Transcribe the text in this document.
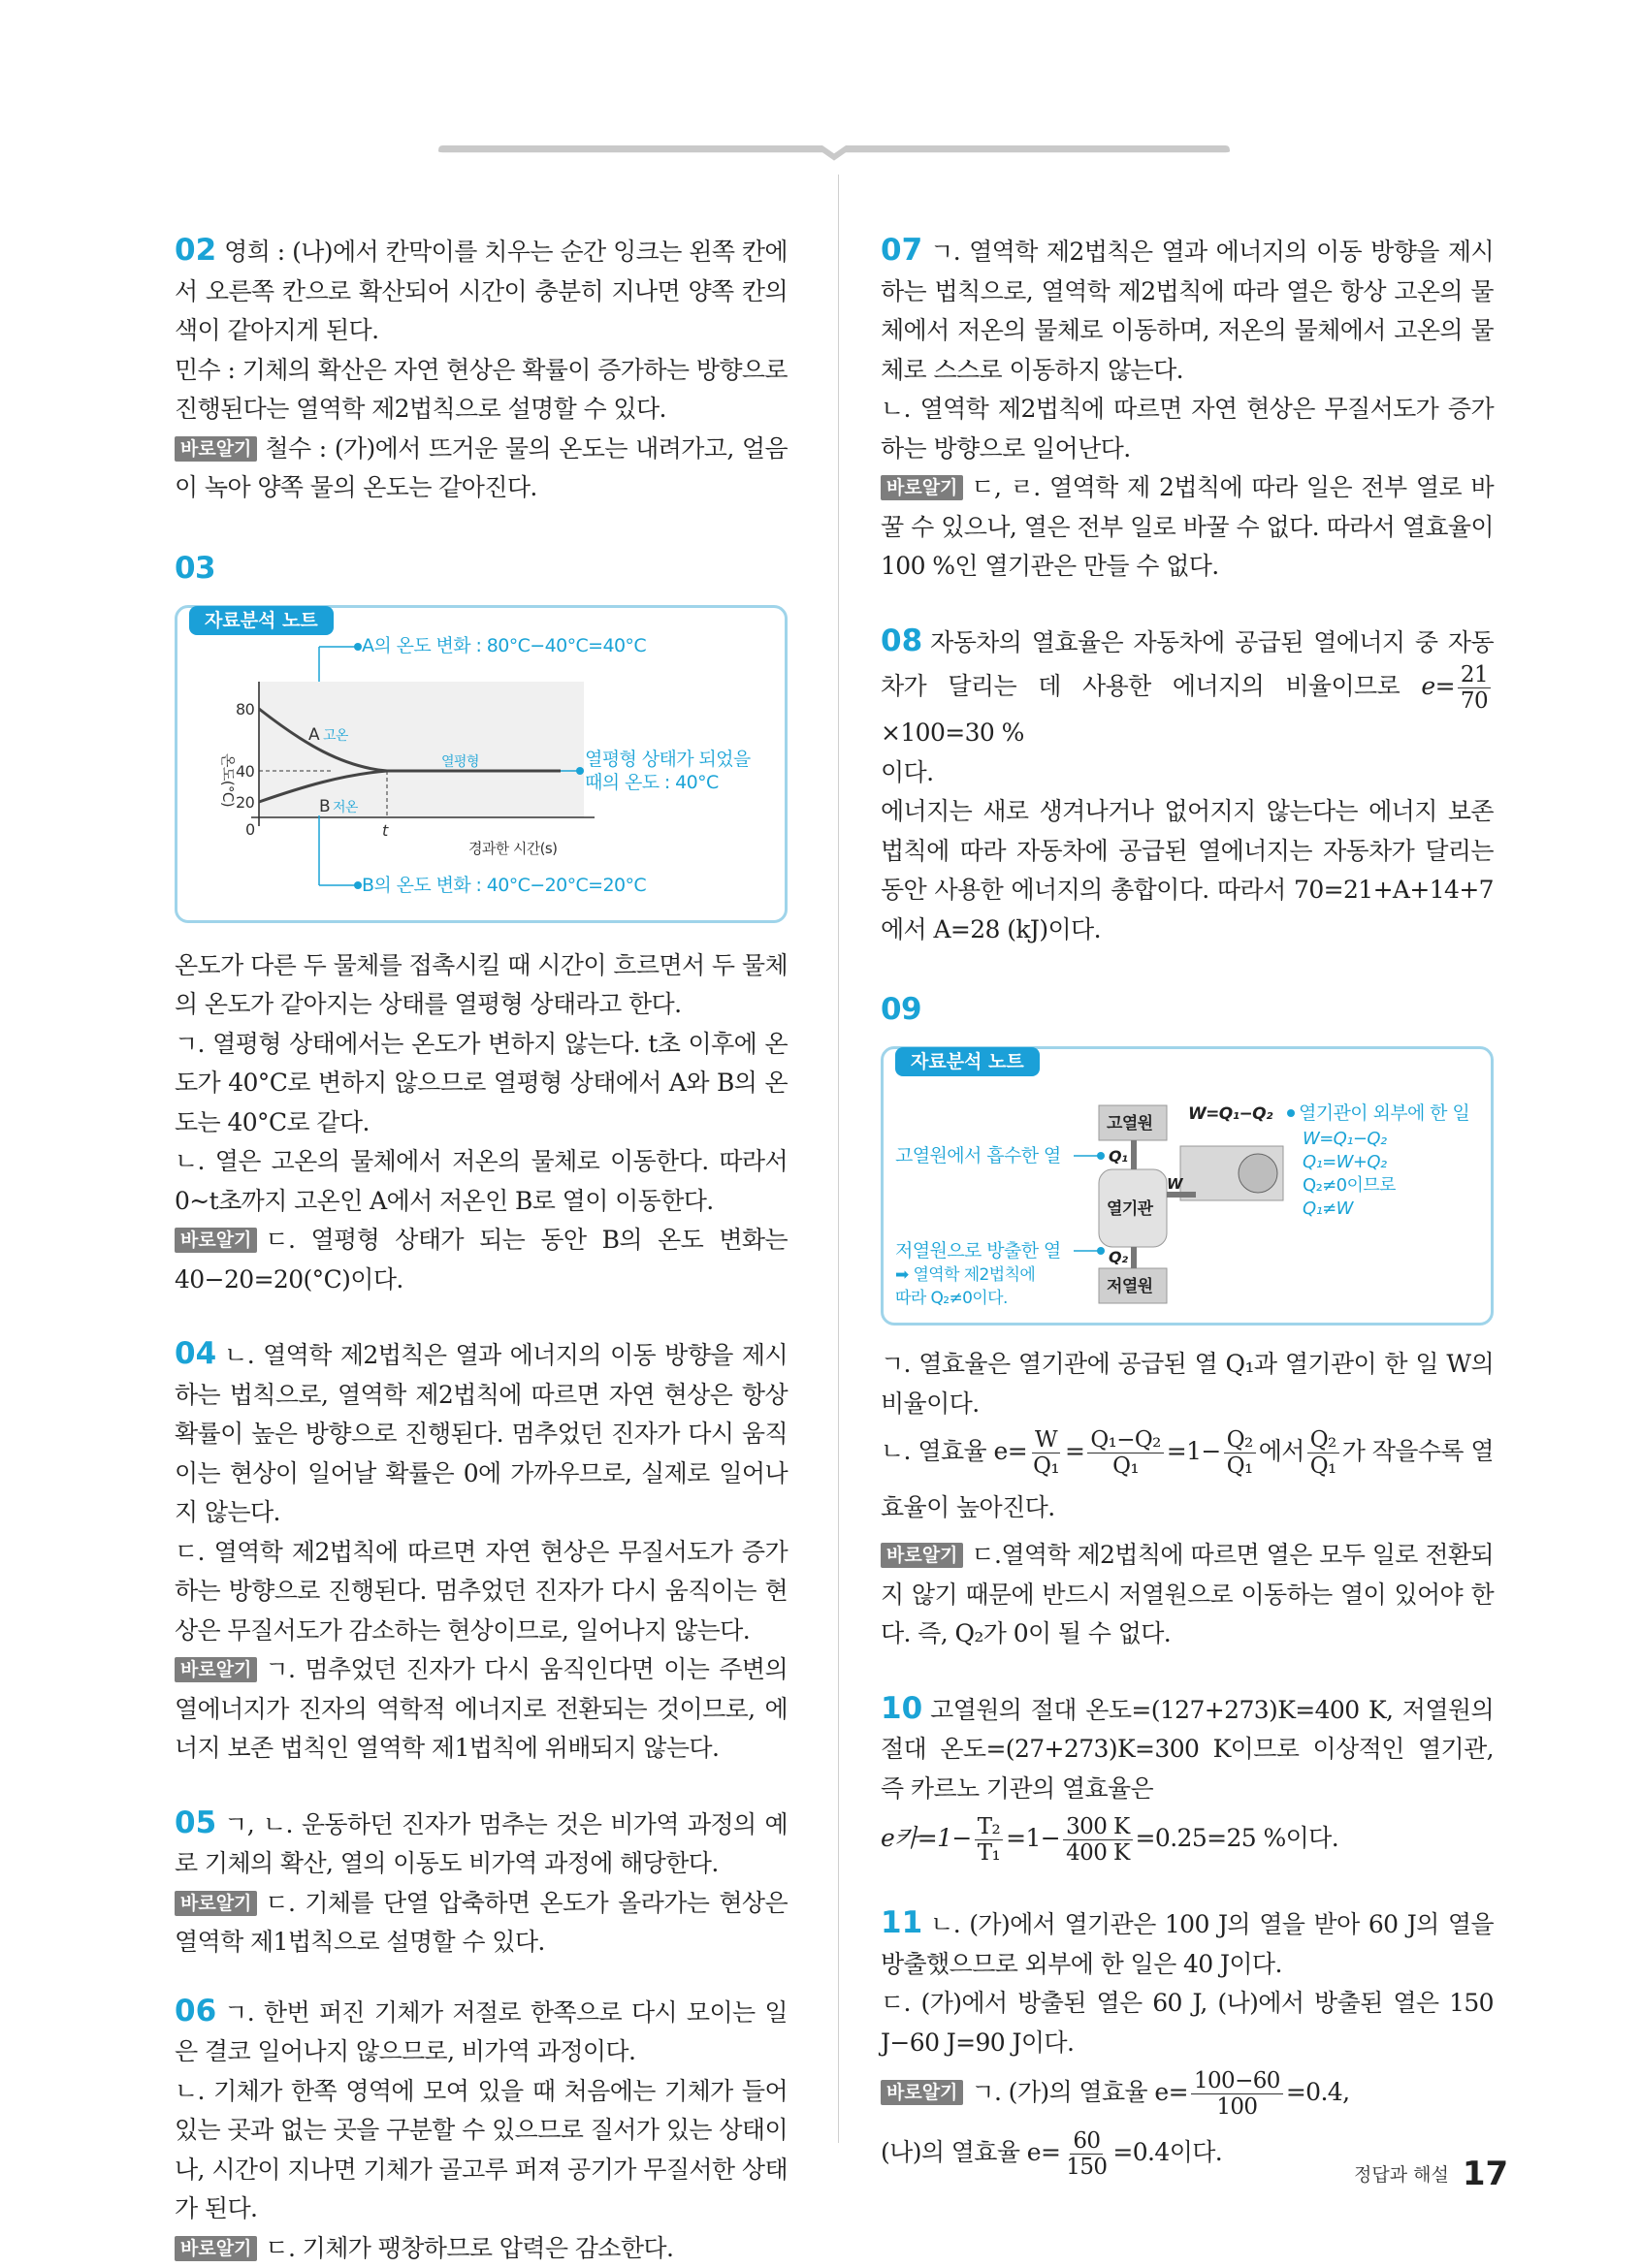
02 영희 : (나)에서 칸막이를 치우는 순간 잉크는 왼쪽 칸에서 오른쪽 칸으로 확산되어 시간이 충분히 지나면 양쪽 칸의 색이 같아지게 된다.

민수 : 기체의 확산은 자연 현상은 확률이 증가하는 방향으로 진행된다는 열역학 제2법칙으로 설명할 수 있다.

바로알기 철수 : (가)에서 뜨거운 물의 온도는 내려가고, 얼음이 녹아 양쪽 물의 온도는 같아진다.

03
자료분석 노트
A의 온도 변화 : 80°C−40°C=40°C
온도(°C)
80
40
20
0
A 고온
B 저온
열평형
t
경과한 시간(s)
열평형 상태가 되었을
때의 온도 : 40°C
B의 온도 변화 : 40°C−20°C=20°C

온도가 다른 두 물체를 접촉시킬 때 시간이 흐르면서 두 물체의 온도가 같아지는 상태를 열평형 상태라고 한다.

ㄱ. 열평형 상태에서는 온도가 변하지 않는다. t초 이후에 온도가 40°C로 변하지 않으므로 열평형 상태에서 A와 B의 온도는 40°C로 같다.

ㄴ. 열은 고온의 물체에서 저온의 물체로 이동한다. 따라서 0~t초까지 고온인 A에서 저온인 B로 열이 이동한다.

바로알기 ㄷ. 열평형 상태가 되는 동안 B의 온도 변화는 40−20=20(°C)이다.

04 ㄴ. 열역학 제2법칙은 열과 에너지의 이동 방향을 제시하는 법칙으로, 열역학 제2법칙에 따르면 자연 현상은 항상 확률이 높은 방향으로 진행된다. 멈추었던 진자가 다시 움직이는 현상이 일어날 확률은 0에 가까우므로, 실제로 일어나지 않는다.

ㄷ. 열역학 제2법칙에 따르면 자연 현상은 무질서도가 증가하는 방향으로 진행된다. 멈추었던 진자가 다시 움직이는 현상은 무질서도가 감소하는 현상이므로, 일어나지 않는다.

바로알기 ㄱ. 멈추었던 진자가 다시 움직인다면 이는 주변의 열에너지가 진자의 역학적 에너지로 전환되는 것이므로, 에너지 보존 법칙인 열역학 제1법칙에 위배되지 않는다.

05 ㄱ, ㄴ. 운동하던 진자가 멈추는 것은 비가역 과정의 예로 기체의 확산, 열의 이동도 비가역 과정에 해당한다.

바로알기 ㄷ. 기체를 단열 압축하면 온도가 올라가는 현상은 열역학 제1법칙으로 설명할 수 있다.

06 ㄱ. 한번 퍼진 기체가 저절로 한쪽으로 다시 모이는 일은 결코 일어나지 않으므로, 비가역 과정이다.

ㄴ. 기체가 한쪽 영역에 모여 있을 때 처음에는 기체가 들어 있는 곳과 없는 곳을 구분할 수 있으므로 질서가 있는 상태이나, 시간이 지나면 기체가 골고루 퍼져 공기가 무질서한 상태가 된다.

바로알기 ㄷ. 기체가 팽창하므로 압력은 감소한다.

07 ㄱ. 열역학 제2법칙은 열과 에너지의 이동 방향을 제시하는 법칙으로, 열역학 제2법칙에 따라 열은 항상 고온의 물체에서 저온의 물체로 이동하며, 저온의 물체에서 고온의 물체로 스스로 이동하지 않는다.

ㄴ. 열역학 제2법칙에 따르면 자연 현상은 무질서도가 증가하는 방향으로 일어난다.

바로알기 ㄷ, ㄹ. 열역학 제 2법칙에 따라 일은 전부 열로 바꿀 수 있으나, 열은 전부 일로 바꿀 수 없다. 따라서 열효율이 100 %인 열기관은 만들 수 없다.

08 자동차의 열효율은 자동차에 공급된 열에너지 중 자동차가 달리는 데 사용한 에너지의 비율이므로 $e= \frac{21}{70}$
×100=30 %

이다.

에너지는 새로 생겨나거나 없어지지 않는다는 에너지 보존 법칙에 따라 자동차에 공급된 열에너지는 자동차가 달리는 동안 사용한 에너지의 총합이다. 따라서 70=21+A+14+7에서 A=28 (kJ)이다.

09
자료분석 노트
고열원
열기관
저열원
Q₁
Q₂
W
W=Q₁−Q₂ 열기관이 외부에 한 일
W=Q₁−Q₂
Q₁=W+Q₂
Q₂≠0이므로
Q₁≠W
고열원에서 흡수한 열
저열원으로 방출한 열
➡ 열역학 제2법칙에
따라 Q₂≠0이다.

ㄱ. 열효율은 열기관에 공급된 열 Q₁과 열기관이 한 일 W의 비율이다.

ㄴ. 열효율 $e= \frac{W}{\text{Q₁}} = \frac{\text{Q₁−Q₂}}{\text{Q₁}} =1- \frac{\text{Q₂}}{\text{Q₁}}$ 에서 $\frac{\text{Q₂}}{\text{Q₁}}$ 가 작을수록 열효율이 높아진다.

바로알기 ㄷ.열역학 제2법칙에 따르면 열은 모두 일로 전환되지 않기 때문에 반드시 저열원으로 이동하는 열이 있어야 한다. 즉, Q₂가 0이 될 수 없다.

10 고열원의 절대 온도=(127+273)K=400 K, 저열원의 절대 온도=(27+273)K=300 K이므로 이상적인 열기관, 즉 카르노 기관의 열효율은

e카$=1- \frac{\text{T₂}}{\text{T₁}} =1- \frac{300 K}{400 K} =0.25=25$ %이다.

11 ㄴ. (가)에서 열기관은 100 J의 열을 받아 60 J의 열을 방출했으므로 외부에 한 일은 40 J이다.

ㄷ. (가)에서 방출된 열은 60 J, (나)에서 방출된 열은 150 J−60 J=90 J이다.

바로알기 ㄱ. (가)의 열효율 $e= \frac{100-60}{100} =0.4$,

(나)의 열효율 $e= \frac{60}{150} =0.4$이다.

정답과 해설 17
